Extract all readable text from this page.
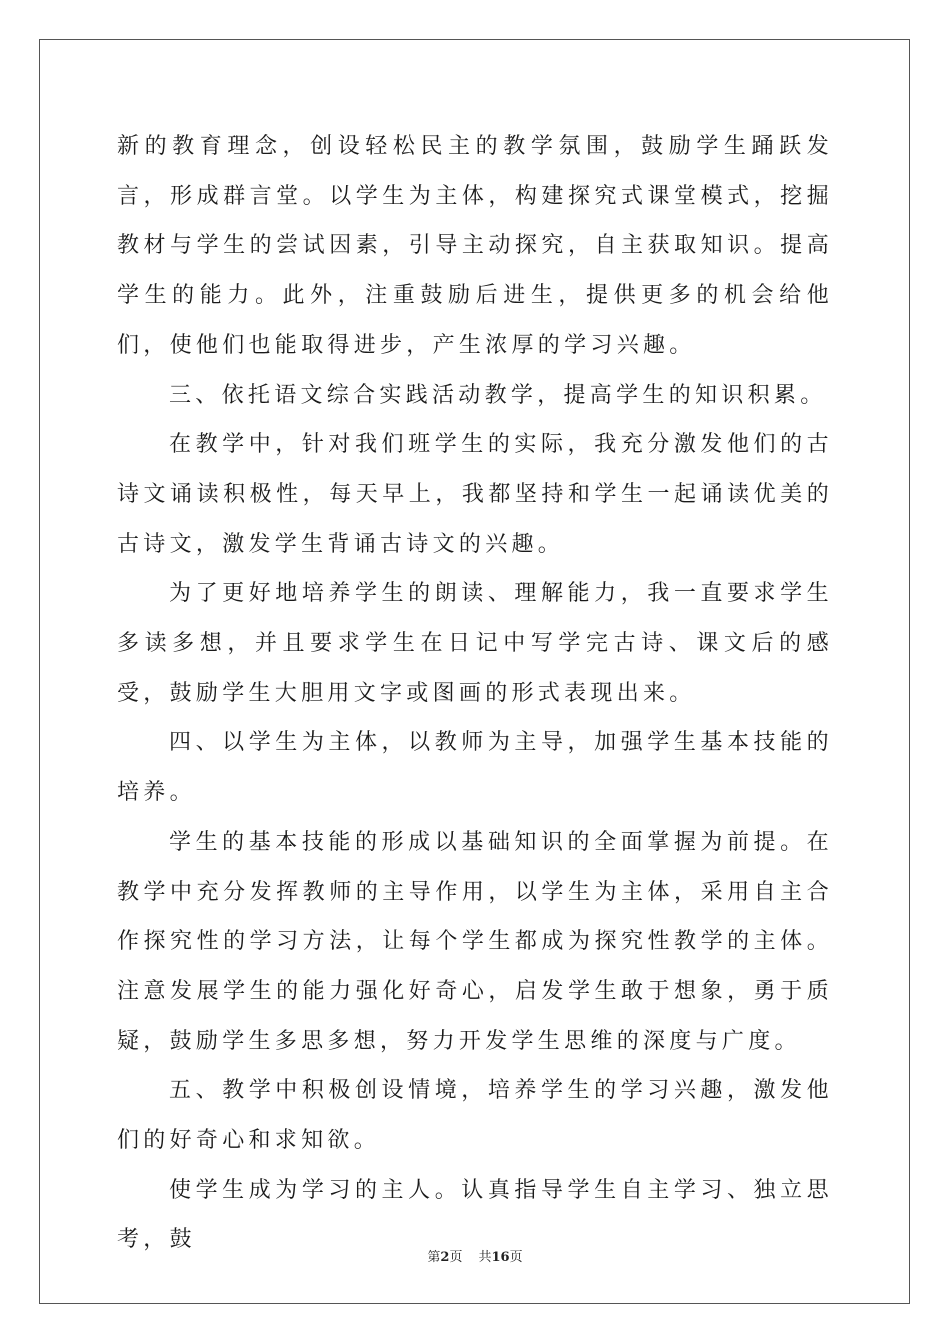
新的教育理念，创设轻松民主的教学氛围，鼓励学生踊跃发言，形成群言堂。以学生为主体，构建探究式课堂模式，挖掘教材与学生的尝试因素，引导主动探究，自主获取知识。提高学生的能力。此外，注重鼓励后进生，提供更多的机会给他们，使他们也能取得进步，产生浓厚的学习兴趣。

三、依托语文综合实践活动教学，提高学生的知识积累。

在教学中，针对我们班学生的实际，我充分激发他们的古诗文诵读积极性，每天早上，我都坚持和学生一起诵读优美的古诗文，激发学生背诵古诗文的兴趣。

为了更好地培养学生的朗读、理解能力，我一直要求学生多读多想，并且要求学生在日记中写学完古诗、课文后的感受，鼓励学生大胆用文字或图画的形式表现出来。

四、以学生为主体，以教师为主导，加强学生基本技能的培养。

学生的基本技能的形成以基础知识的全面掌握为前提。在教学中充分发挥教师的主导作用，以学生为主体，采用自主合作探究性的学习方法，让每个学生都成为探究性教学的主体。注意发展学生的能力强化好奇心，启发学生敢于想象，勇于质疑，鼓励学生多思多想，努力开发学生思维的深度与广度。

五、教学中积极创设情境，培养学生的学习兴趣，激发他们的好奇心和求知欲。

使学生成为学习的主人。认真指导学生自主学习、独立思考，鼓

第2页 共16页
